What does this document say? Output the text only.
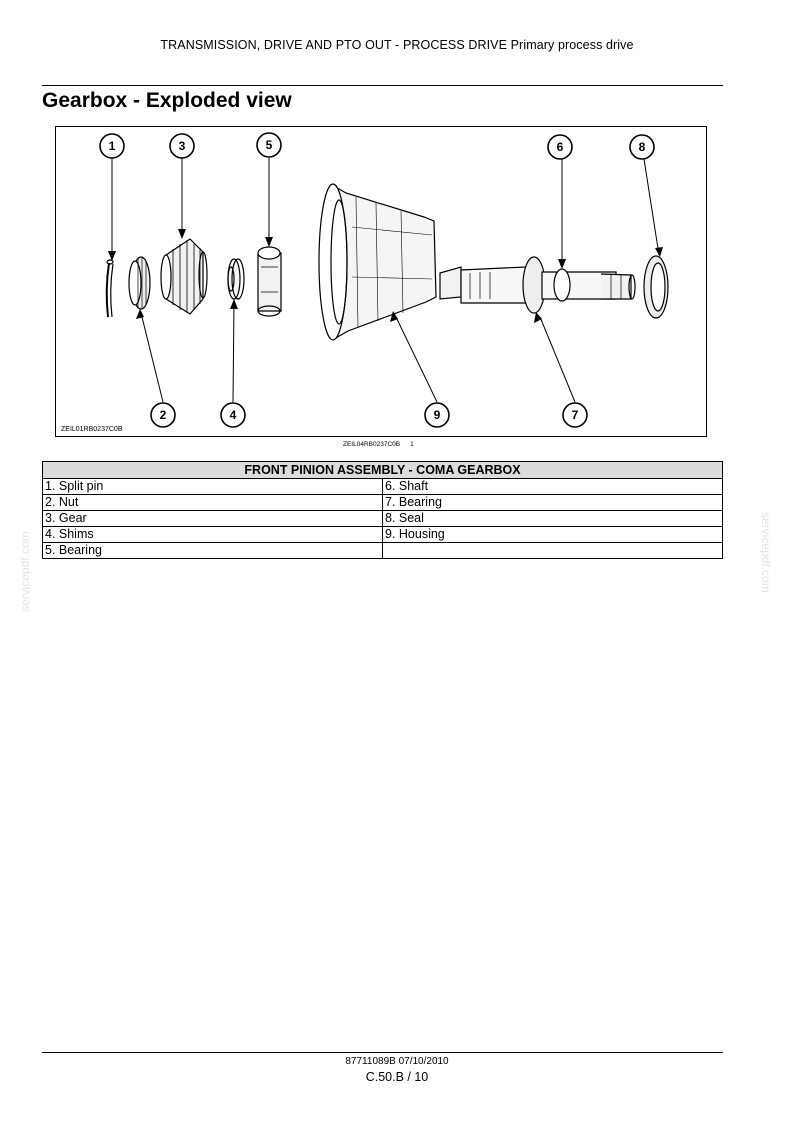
TRANSMISSION, DRIVE AND PTO OUT - PROCESS DRIVE Primary process drive
Gearbox - Exploded view
1
2
3
4
5	6
7
8
9
ZEIL01RB0237C0B
ZEIL04RB0237C0B 1
FRONT PINION ASSEMBLY - COMA GEARBOX	
1. Split pin	6. Shaft
2. Nut	7. Bearing
3. Gear	8. Seal
4. Shims	9. Housing
5. Bearing	
servicepdf.com	servicepdf.com
87711089B 07/10/2010
C.50.B / 10
